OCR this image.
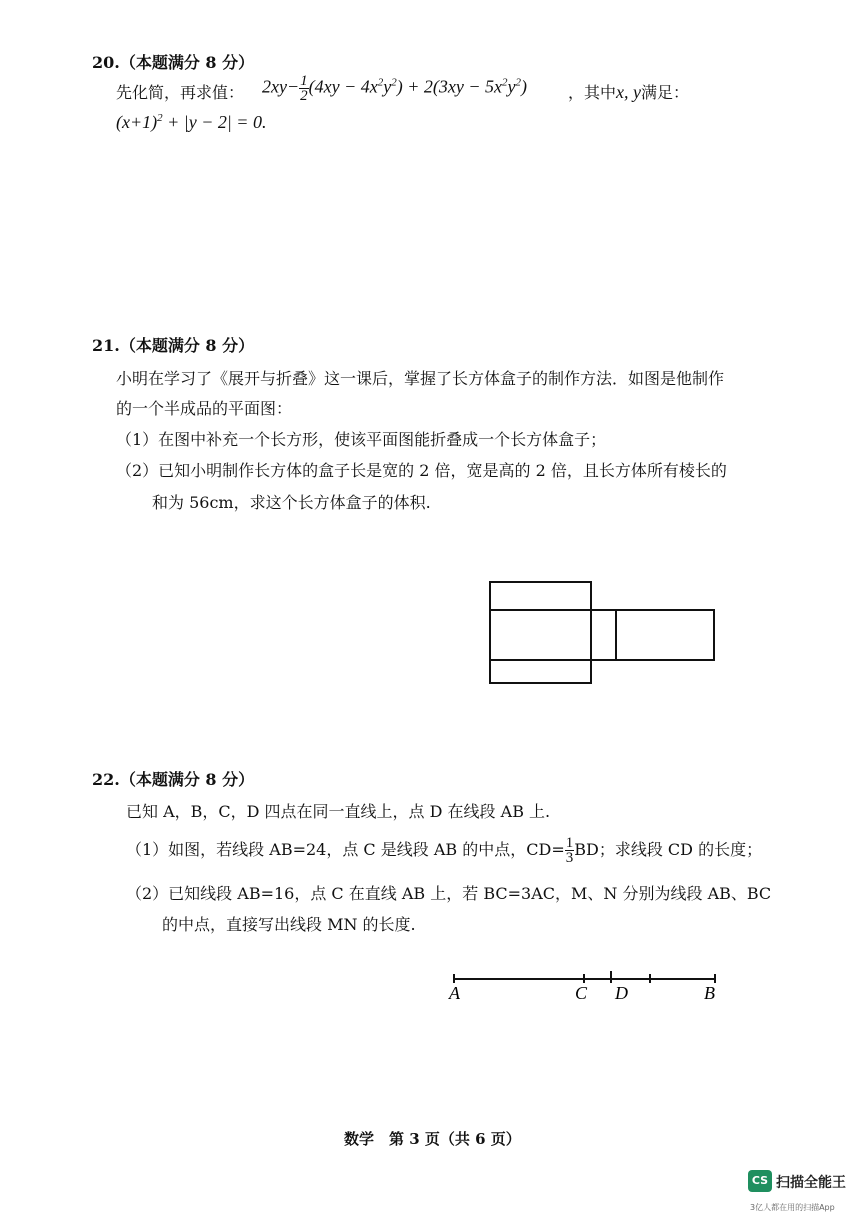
20.（本题满分 8 分）
先化简，再求值： $2xy- \frac{1}{2} (4xy - 4x^2y^2) + 2(3xy - 5x^2y^2)$	，其中x, y满足：
$(x+1)^2 + |y - 2| = 0$.
21.（本题满分 8 分）
小明在学习了《展开与折叠》这一课后，掌握了长方体盒子的制作方法．如图是他制作
的一个半成品的平面图：
（1）在图中补充一个长方形，使该平面图能折叠成一个长方体盒子；
（2）已知小明制作长方体的盒子长是宽的 2 倍，宽是高的 2 倍，且长方体所有棱长的
和为 56cm，求这个长方体盒子的体积.
22.（本题满分 8 分）
已知 A，B，C，D 四点在同一直线上，点 D 在线段 AB 上.
（1）如图，若线段 AB=24，点 C 是线段 AB 的中点，$CD= \frac{1}{3}$ BD；求线段 CD 的长度；
（2）已知线段 AB=16，点 C 在直线 AB 上，若 BC=3AC，M、N 分别为线段 AB、BC
的中点，直接写出线段 MN 的长度.
A	C D	B
数学　第 3 页（共 6 页）
CS 扫描全能王
3亿人都在用的扫描App
